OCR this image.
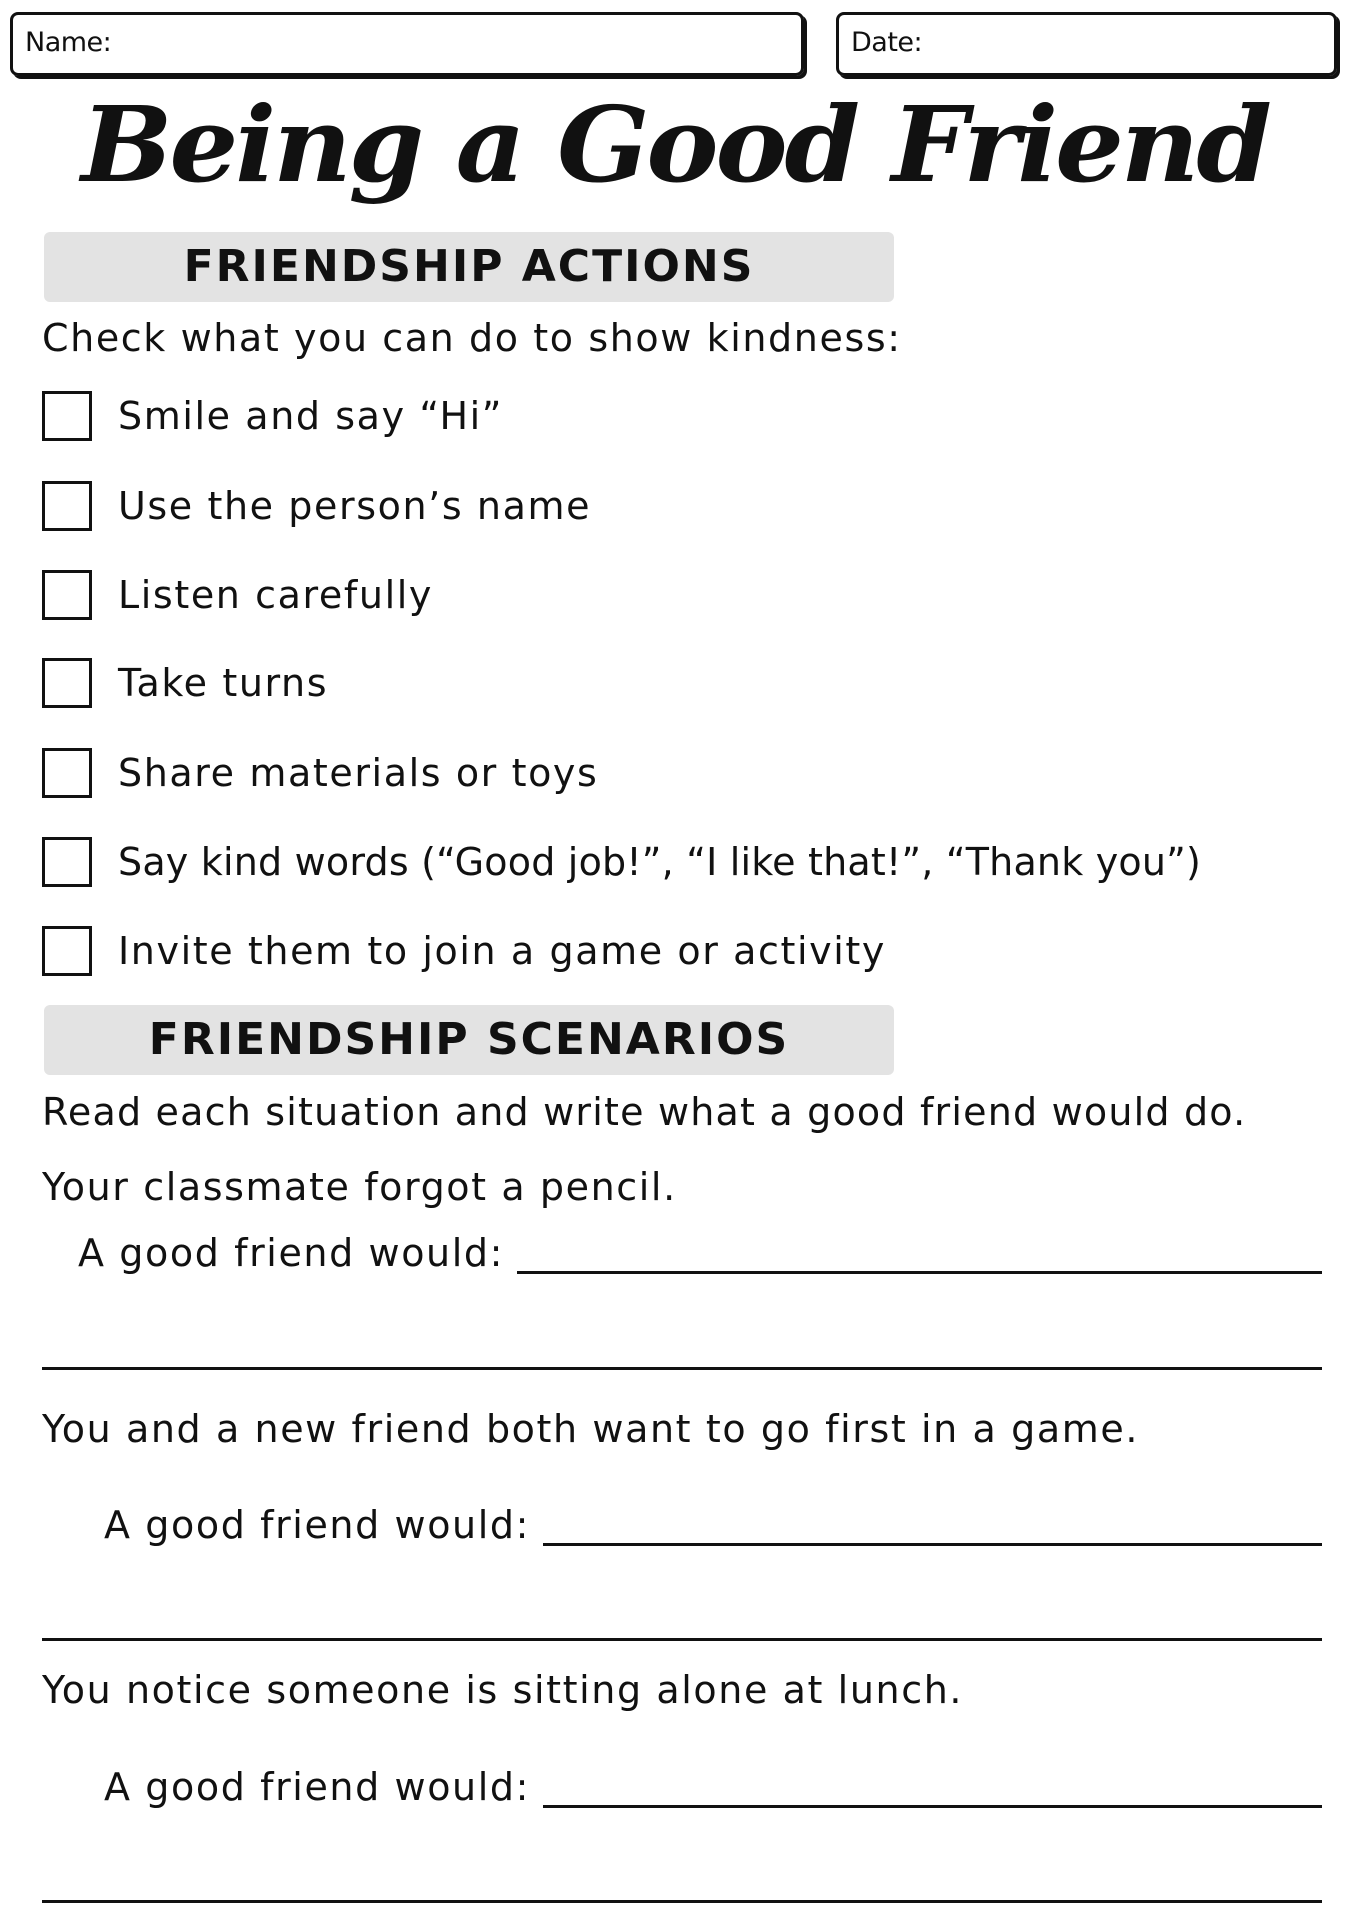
Name:	Date:
Being a Good Friend
FRIENDSHIP ACTIONS
Check what you can do to show kindness:
Smile and say “Hi”
Use the person’s name
Listen carefully
Take turns
Share materials or toys
Say kind words (“Good job!”, “I like that!”, “Thank you”)
Invite them to join a game or activity
FRIENDSHIP SCENARIOS
Read each situation and write what a good friend would do.
Your classmate forgot a pencil.
A good friend would:
You and a new friend both want to go first in a game.
A good friend would:
You notice someone is sitting alone at lunch.
A good friend would:
